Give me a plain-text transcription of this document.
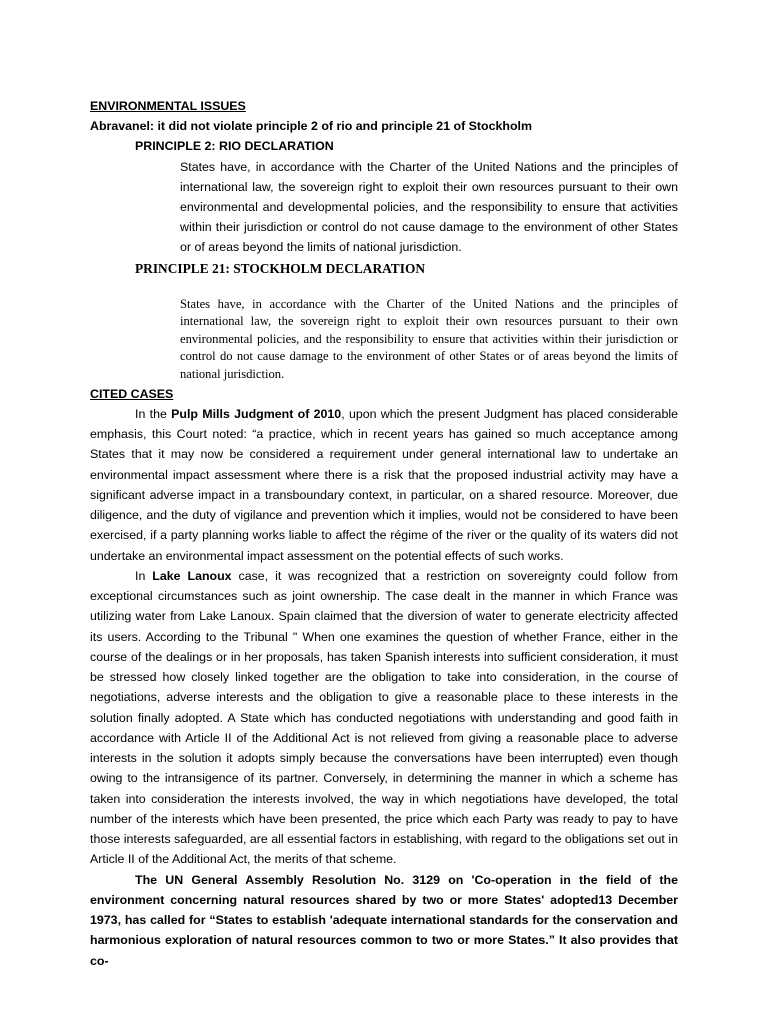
ENVIRONMENTAL ISSUES
Abravanel: it did not violate principle 2 of rio and principle 21 of Stockholm
PRINCIPLE 2: RIO DECLARATION

States have, in accordance with the Charter of the United Nations and the principles of international law, the sovereign right to exploit their own resources pursuant to their own environmental and developmental policies, and the responsibility to ensure that activities within their jurisdiction or control do not cause damage to the environment of other States or of areas beyond the limits of national jurisdiction.

PRINCIPLE 21: STOCKHOLM DECLARATION

States have, in accordance with the Charter of the United Nations and the principles of international law, the sovereign right to exploit their own resources pursuant to their own environmental policies, and the responsibility to ensure that activities within their jurisdiction or control do not cause damage to the environment of other States or of areas beyond the limits of national jurisdiction.

CITED CASES

In the Pulp Mills Judgment of 2010, upon which the present Judgment has placed considerable emphasis, this Court noted: “a practice, which in recent years has gained so much acceptance among States that it may now be considered a requirement under general international law to undertake an environmental impact assessment where there is a risk that the proposed industrial activity may have a significant adverse impact in a transboundary context, in particular, on a shared resource. Moreover, due diligence, and the duty of vigilance and prevention which it implies, would not be considered to have been exercised, if a party planning works liable to affect the régime of the river or the quality of its waters did not undertake an environmental impact assessment on the potential effects of such works.

In Lake Lanoux case, it was recognized that a restriction on sovereignty could follow from exceptional circumstances such as joint ownership. The case dealt in the manner in which France was utilizing water from Lake Lanoux. Spain claimed that the diversion of water to generate electricity affected its users. According to the Tribunal " When one examines the question of whether France, either in the course of the dealings or in her proposals, has taken Spanish interests into sufficient consideration, it must be stressed how closely linked together are the obligation to take into consideration, in the course of negotiations, adverse interests and the obligation to give a reasonable place to these interests in the solution finally adopted. A State which has conducted negotiations with understanding and good faith in accordance with Article II of the Additional Act is not relieved from giving a reasonable place to adverse interests in the solution it adopts simply because the conversations have been interrupted) even though owing to the intransigence of its partner. Conversely, in determining the manner in which a scheme has taken into consideration the interests involved, the way in which negotiations have developed, the total number of the interests which have been presented, the price which each Party was ready to pay to have those interests safeguarded, are all essential factors in establishing, with regard to the obligations set out in Article II of the Additional Act, the merits of that scheme.

The UN General Assembly Resolution No. 3129 on 'Co-operation in the field of the environment concerning natural resources shared by two or more States' adopted13 December 1973, has called for “States to establish 'adequate international standards for the conservation and harmonious exploration of natural resources common to two or more States.” It also provides that co-
